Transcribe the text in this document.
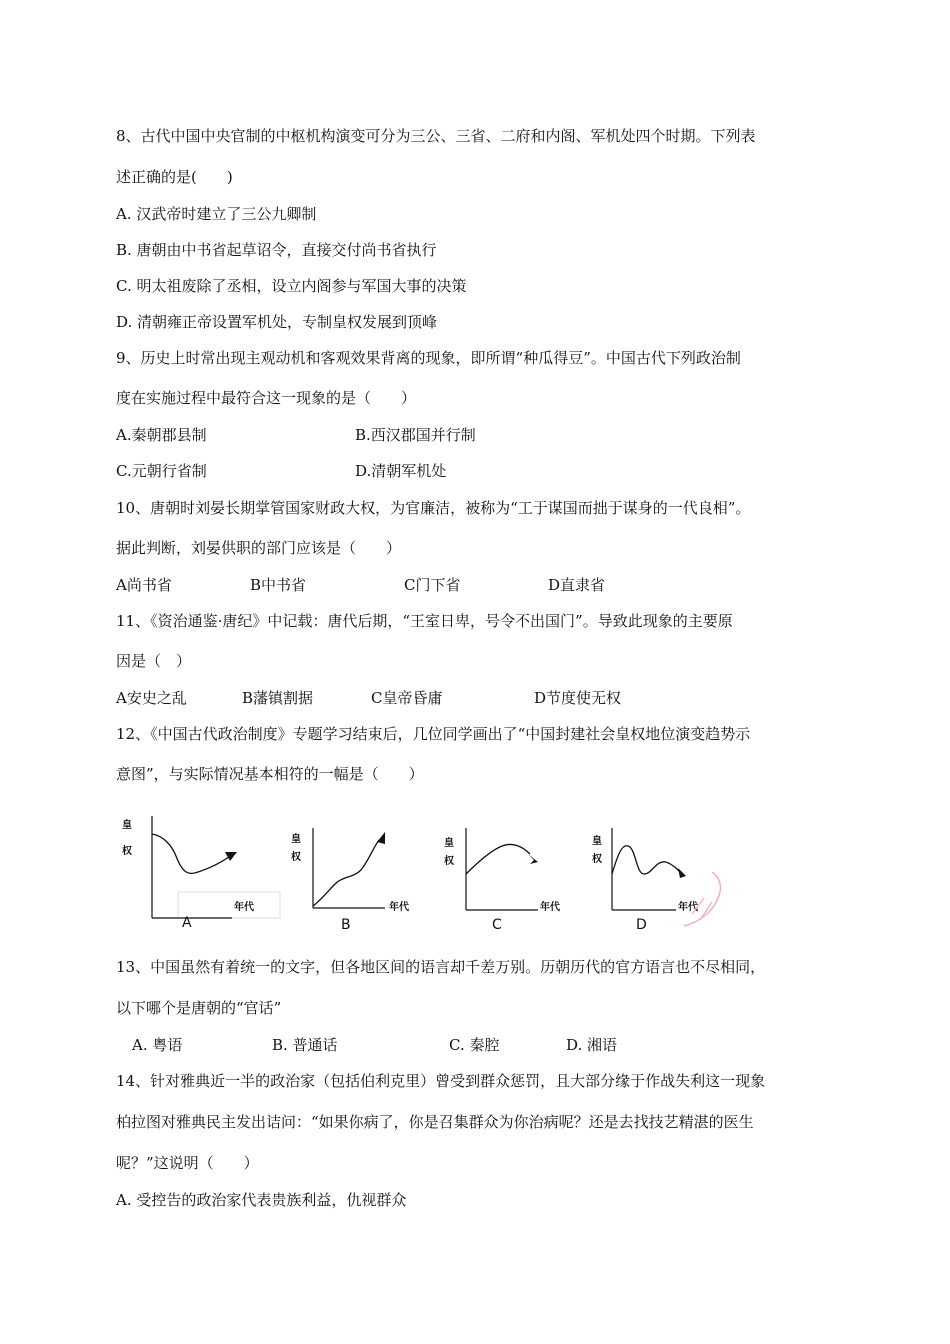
8、古代中国中央官制的中枢机构演变可分为三公、三省、二府和内阁、军机处四个时期。下列表
述正确的是(　　)
A. 汉武帝时建立了三公九卿制
B. 唐朝由中书省起草诏令，直接交付尚书省执行
C. 明太祖废除了丞相，设立内阁参与军国大事的决策
D. 清朝雍正帝设置军机处，专制皇权发展到顶峰
9、历史上时常出现主观动机和客观效果背离的现象，即所谓“种瓜得豆”。中国古代下列政治制
度在实施过程中最符合这一现象的是（　　）
A.秦朝郡县制	B.西汉郡国并行制
C.元朝行省制	D.清朝军机处
10、唐朝时刘晏长期掌管国家财政大权，为官廉洁，被称为“工于谋国而拙于谋身的一代良相”。
据此判断，刘晏供职的部门应该是（　　）
A尚书省	B中书省	C门下省	D直隶省
11、《资治通鉴·唐纪》中记载：唐代后期，“王室日卑，号令不出国门”。导致此现象的主要原
因是（　）
A安史之乱	B藩镇割据	C皇帝昏庸	D节度使无权
12、《中国古代政治制度》专题学习结束后，几位同学画出了“中国封建社会皇权地位演变趋势示
意图”，与实际情况基本相符的一幅是（　　）
皇
权
年代
A
皇
权
年代
B
皇
权
年代
C
皇
权
年代
D
13、中国虽然有着统一的文字，但各地区间的语言却千差万别。历朝历代的官方语言也不尽相同，
以下哪个是唐朝的“官话”
A. 粤语	B. 普通话	C. 秦腔	D. 湘语
14、针对雅典近一半的政治家（包括伯利克里）曾受到群众惩罚，且大部分缘于作战失利这一现象
柏拉图对雅典民主发出诘问：“如果你病了，你是召集群众为你治病呢？还是去找技艺精湛的医生
呢？”这说明（　　）
A. 受控告的政治家代表贵族利益，仇视群众
